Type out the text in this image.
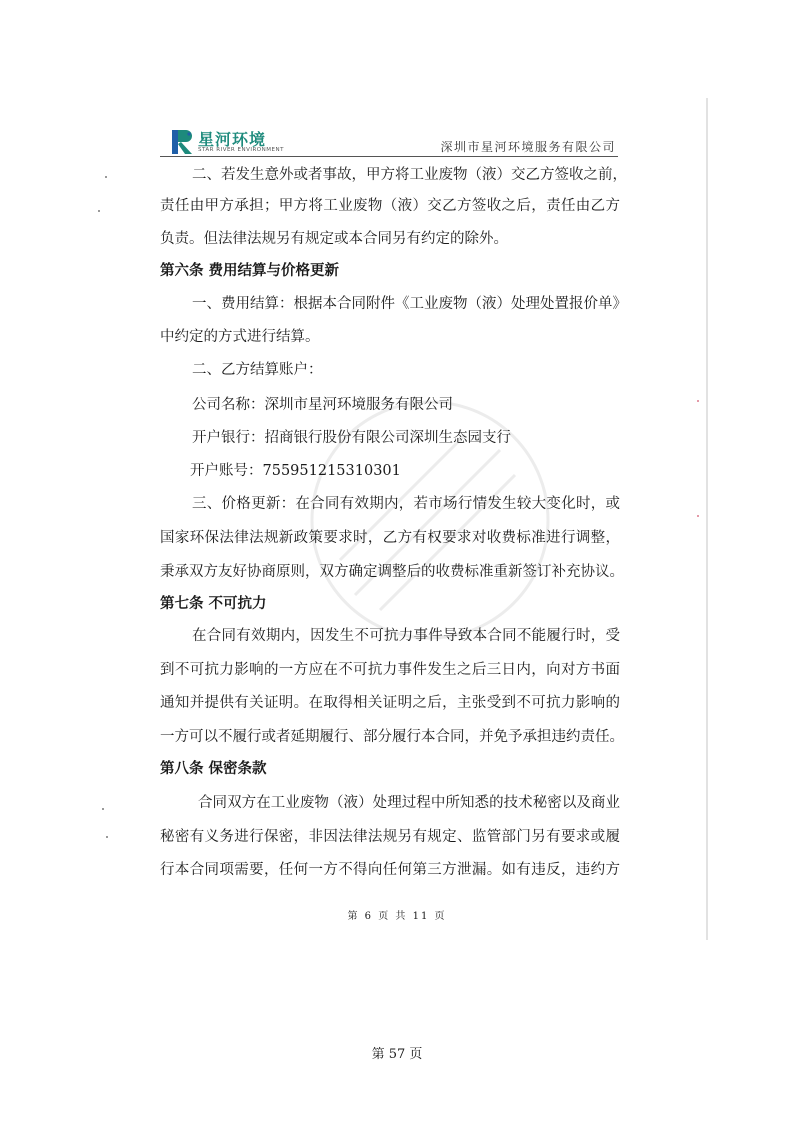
星河环境
STAR RIVER ENVIRONMENT	深圳市星河环境服务有限公司
二、若发生意外或者事故，甲方将工业废物（液）交乙方签收之前，
责任由甲方承担；甲方将工业废物（液）交乙方签收之后，责任由乙方
负责。但法律法规另有规定或本合同另有约定的除外。
第六条 费用结算与价格更新
一、费用结算：根据本合同附件《工业废物（液）处理处置报价单》
中约定的方式进行结算。
二、乙方结算账户：
公司名称：深圳市星河环境服务有限公司
开户银行：招商银行股份有限公司深圳生态园支行
开户账号：755951215310301
三、价格更新：在合同有效期内，若市场行情发生较大变化时，或
国家环保法律法规新政策要求时，乙方有权要求对收费标准进行调整，
秉承双方友好协商原则，双方确定调整后的收费标准重新签订补充协议。
第七条 不可抗力
在合同有效期内，因发生不可抗力事件导致本合同不能履行时，受
到不可抗力影响的一方应在不可抗力事件发生之后三日内，向对方书面
通知并提供有关证明。在取得相关证明之后，主张受到不可抗力影响的
一方可以不履行或者延期履行、部分履行本合同，并免予承担违约责任。
第八条 保密条款
合同双方在工业废物（液）处理过程中所知悉的技术秘密以及商业
秘密有义务进行保密，非因法律法规另有规定、监管部门另有要求或履
行本合同项需要，任何一方不得向任何第三方泄漏。如有违反，违约方
第 6 页 共 11 页
第 57 页
